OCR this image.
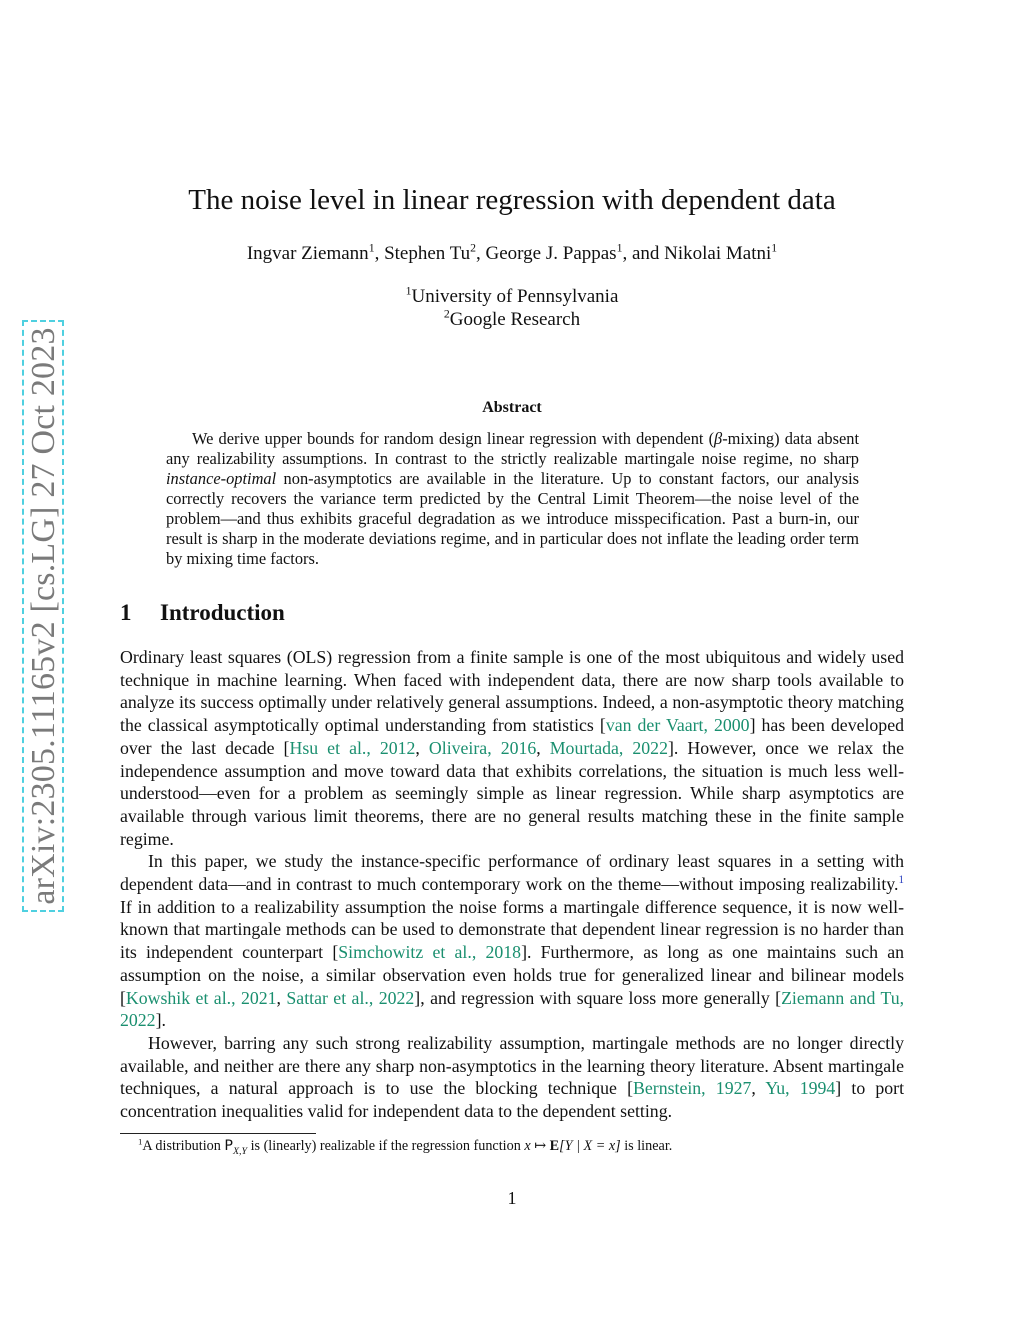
arXiv:2305.11165v2 [cs.LG] 27 Oct 2023
The noise level in linear regression with dependent data
Ingvar Ziemann$^1$, Stephen Tu$^2$, George J. Pappas$^1$, and Nikolai Matni$^1$
$^1$University of Pennsylvania
$^2$Google Research
Abstract

We derive upper bounds for random design linear regression with dependent (β-mixing) data absent any realizability assumptions. In contrast to the strictly realizable martingale noise regime, no sharp instance-optimal non-asymptotics are available in the literature. Up to constant factors, our analysis correctly recovers the variance term predicted by the Central Limit Theorem—the noise level of the problem—and thus exhibits graceful degradation as we introduce misspecification. Past a burn-in, our result is sharp in the moderate deviations regime, and in particular does not inflate the leading order term by mixing time factors.

1 Introduction

Ordinary least squares (OLS) regression from a finite sample is one of the most ubiquitous and widely used technique in machine learning. When faced with independent data, there are now sharp tools available to analyze its success optimally under relatively general assumptions. Indeed, a non-asymptotic theory matching the classical asymptotically optimal understanding from statistics [van der Vaart, 2000] has been developed over the last decade [Hsu et al., 2012, Oliveira, 2016, Mourtada, 2022]. However, once we relax the independence assumption and move toward data that exhibits correlations, the situation is much less well-understood—even for a problem as seemingly simple as linear regression. While sharp asymptotics are available through various limit theorems, there are no general results matching these in the finite sample regime.

In this paper, we study the instance-specific performance of ordinary least squares in a setting with dependent data—and in contrast to much contemporary work on the theme—without imposing realizability.$^1$ If in addition to a realizability assumption the noise forms a martingale difference sequence, it is now well-known that martingale methods can be used to demonstrate that dependent linear regression is no harder than its independent counterpart [Simchowitz et al., 2018]. Furthermore, as long as one maintains such an assumption on the noise, a similar observation even holds true for generalized linear and bilinear models [Kowshik et al., 2021, Sattar et al., 2022], and regression with square loss more generally [Ziemann and Tu, 2022].

However, barring any such strong realizability assumption, martingale methods are no longer directly available, and neither are there any sharp non-asymptotics in the learning theory literature. Absent martingale techniques, a natural approach is to use the blocking technique [Bernstein, 1927, Yu, 1994] to port concentration inequalities valid for independent data to the dependent setting.

$^1$A distribution $P_{X,Y}$ is (linearly) realizable if the regression function x ↦ E[Y | X = x] is linear.
1
